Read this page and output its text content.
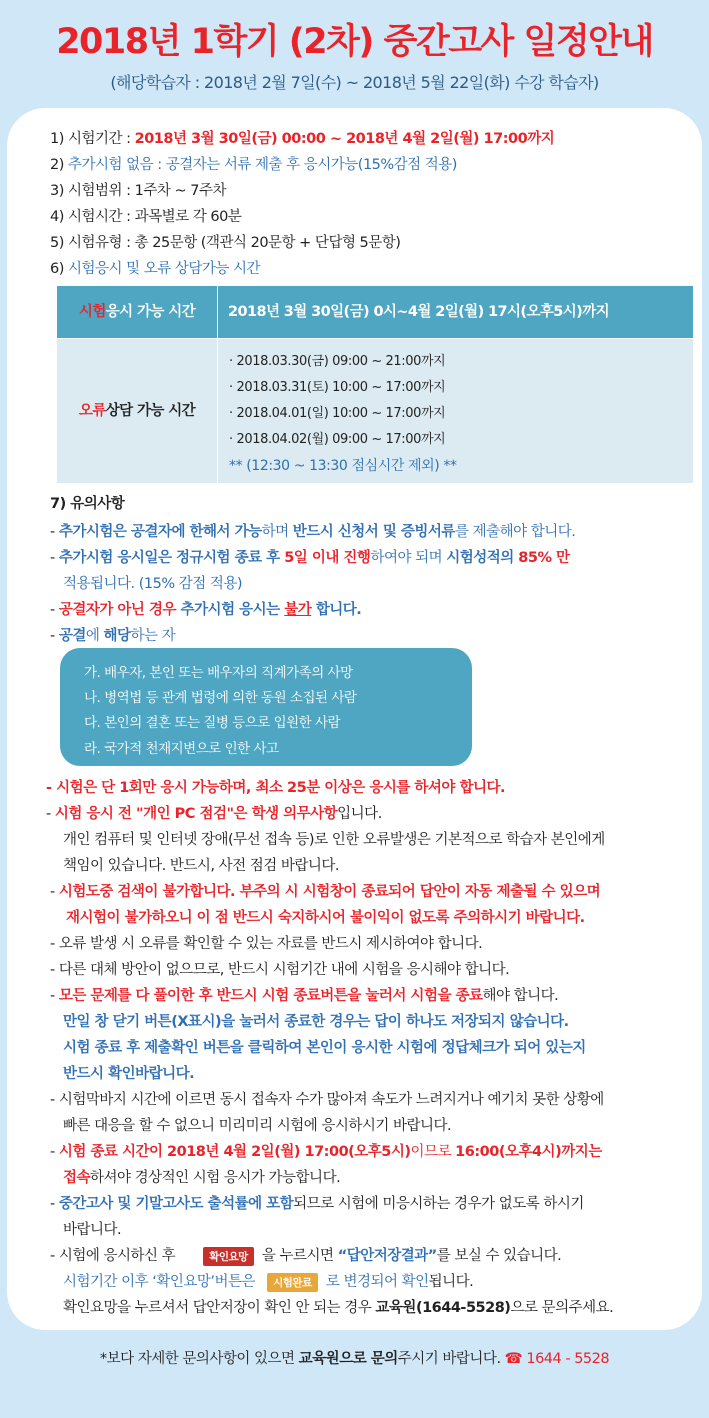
2018년 1학기 (2차) 중간고사 일정안내
(해당학습자 : 2018년 2월 7일(수) ~ 2018년 5월 22일(화) 수강 학습자)
1) 시험기간 : 2018년 3월 30일(금) 00:00 ~ 2018년 4월 2일(월) 17:00까지
2) 추가시험 없음 : 공결자는 서류 제출 후 응시가능(15%감점 적용)
3) 시험범위 : 1주차 ~ 7주차
4) 시험시간 : 과목별로 각 60분
5) 시험유형 : 총 25문항 (객관식 20문항 + 단답형 5문항)
6) 시험응시 및 오류 상담가능 시간
시험응시 가능 시간	2018년 3월 30일(금) 0시~4월 2일(월) 17시(오후5시)까지
오류상담 가능 시간
· 2018.03.30(금) 09:00 ~ 21:00까지
· 2018.03.31(토) 10:00 ~ 17:00까지
· 2018.04.01(일) 10:00 ~ 17:00까지
· 2018.04.02(월) 09:00 ~ 17:00까지
** (12:30 ~ 13:30 점심시간 제외) **
7) 유의사항
- 추가시험은 공결자에 한해서 가능하며 반드시 신청서 및 증빙서류를 제출해야 합니다.
- 추가시험 응시일은 정규시험 종료 후 5일 이내 진행하여야 되며 시험성적의 85% 만
적용됩니다. (15% 감점 적용)
- 공결자가 아닌 경우 추가시험 응시는 불가 합니다.
- 공결에 해당하는 자
가. 배우자, 본인 또는 배우자의 직계가족의 사망
나. 병역법 등 관계 법령에 의한 동원 소집된 사람
다. 본인의 결혼 또는 질병 등으로 입원한 사람
라. 국가적 천재지변으로 인한 사고
- 시험은 단 1회만 응시 가능하며, 최소 25분 이상은 응시를 하셔야 합니다.
- 시험 응시 전 "개인 PC 점검"은 학생 의무사항입니다.
개인 컴퓨터 및 인터넷 장애(무선 접속 등)로 인한 오류발생은 기본적으로 학습자 본인에게
책임이 있습니다. 반드시, 사전 점검 바랍니다.
- 시험도중 검색이 불가합니다. 부주의 시 시험창이 종료되어 답안이 자동 제출될 수 있으며
재시험이 불가하오니 이 점 반드시 숙지하시어 불이익이 없도록 주의하시기 바랍니다.
- 오류 발생 시 오류를 확인할 수 있는 자료를 반드시 제시하여야 합니다.
- 다른 대체 방안이 없으므로, 반드시 시험기간 내에 시험을 응시해야 합니다.
- 모든 문제를 다 풀이한 후 반드시 시험 종료버튼을 눌러서 시험을 종료해야 합니다.
만일 창 닫기 버튼(X표시)을 눌러서 종료한 경우는 답이 하나도 저장되지 않습니다.
시험 종료 후 제출확인 버튼을 클릭하여 본인이 응시한 시험에 정답체크가 되어 있는지
반드시 확인바랍니다.
- 시험막바지 시간에 이르면 동시 접속자 수가 많아져 속도가 느려지거나 예기치 못한 상황에
빠른 대응을 할 수 없으니 미리미리 시험에 응시하시기 바랍니다.
- 시험 종료 시간이 2018년 4월 2일(월) 17:00(오후5시)이므로 16:00(오후4시)까지는
접속하셔야 경상적인 시험 응시가 가능합니다.
- 중간고사 및 기말고사도 출석률에 포함되므로 시험에 미응시하는 경우가 없도록 하시기
바랍니다.
- 시험에 응시하신 후	확인요망 을 누르시면 “답안저장결과”를 보실 수 있습니다.
시험기간 이후 ‘확인요망’버튼은 시험완료 로 변경되어 확인됩니다.
확인요망을 누르셔서 답안저장이 확인 안 되는 경우 교육원(1644-5528)으로 문의주세요.
*보다 자세한 문의사항이 있으면 교육원으로 문의주시기 바랍니다. ☎ 1644 - 5528
